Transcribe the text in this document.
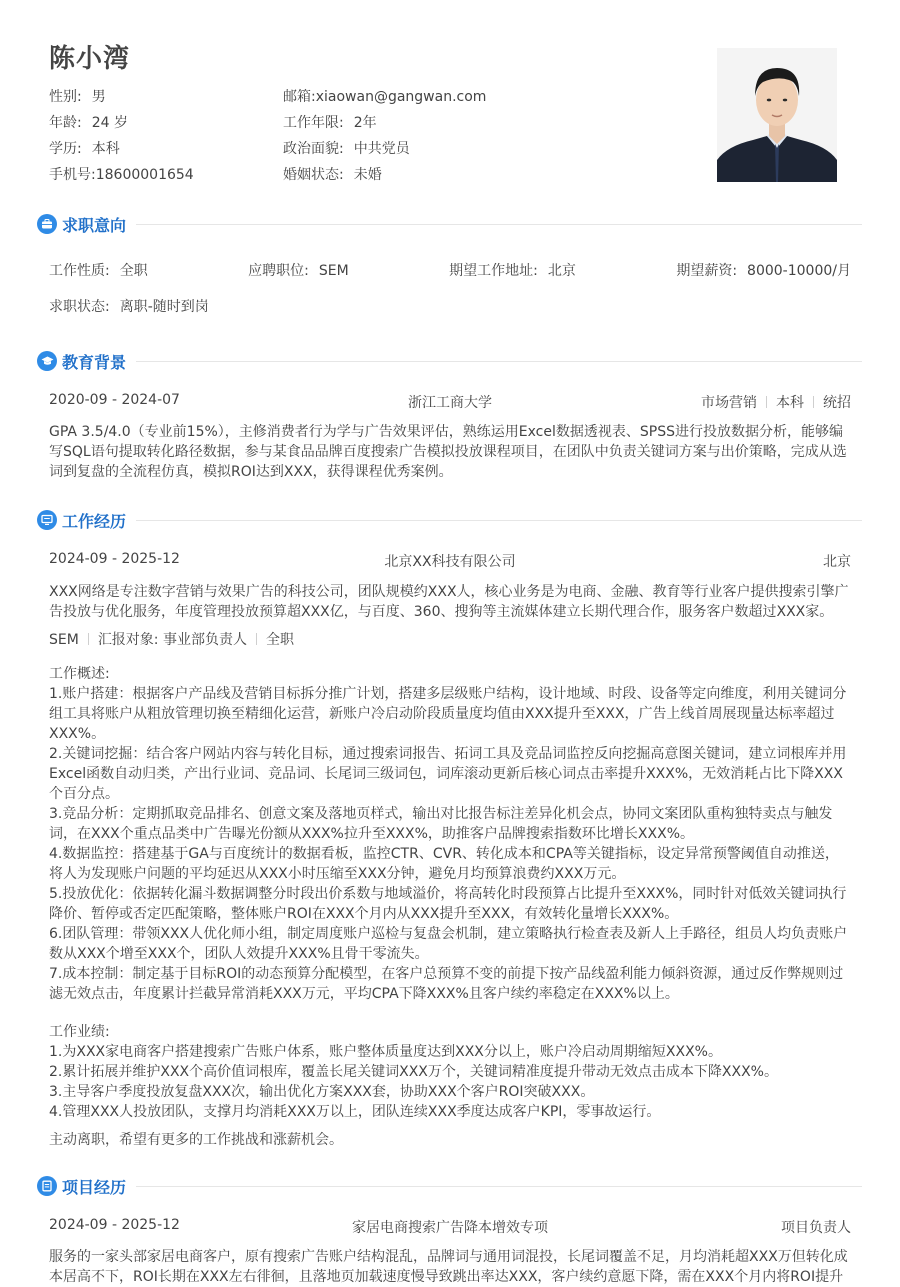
陈小湾
性别: 男	邮箱:xiaowan@gangwan.com
年龄: 24 岁	工作年限: 2年
学历: 本科	政治面貌: 中共党员
手机号:18600001654	婚姻状态: 未婚
求职意向
工作性质: 全职	应聘职位: SEM	期望工作地址: 北京	期望薪资: 8000-10000/月
求职状态: 离职-随时到岗
教育背景
2020-09 - 2024-07	浙江工商大学	市场营销 本科 统招
GPA 3.5/4.0（专业前15%），主修消费者行为学与广告效果评估，熟练运用Excel数据透视表、SPSS进行投放数据分析，能够编写SQL语句提取转化路径数据，参与某食品品牌百度搜索广告模拟投放课程项目，在团队中负责关键词方案与出价策略，完成从选词到复盘的全流程仿真，模拟ROI达到XXX，获得课程优秀案例。
工作经历
2024-09 - 2025-12	北京XX科技有限公司	北京
XXX网络是专注数字营销与效果广告的科技公司，团队规模约XXX人，核心业务是为电商、金融、教育等行业客户提供搜索引擎广告投放与优化服务，年度管理投放预算超XXX亿，与百度、360、搜狗等主流媒体建立长期代理合作，服务客户数超过XXX家。
SEM 汇报对象: 事业部负责人 全职
工作概述:
1.账户搭建：根据客户产品线及营销目标拆分推广计划，搭建多层级账户结构，设计地域、时段、设备等定向维度，利用关键词分组工具将账户从粗放管理切换至精细化运营，新账户冷启动阶段质量度均值由XXX提升至XXX，广告上线首周展现量达标率超过XXX%。
2.关键词挖掘：结合客户网站内容与转化目标，通过搜索词报告、拓词工具及竞品词监控反向挖掘高意图关键词，建立词根库并用Excel函数自动归类，产出行业词、竞品词、长尾词三级词包，词库滚动更新后核心词点击率提升XXX%，无效消耗占比下降XXX个百分点。
3.竞品分析：定期抓取竞品排名、创意文案及落地页样式，输出对比报告标注差异化机会点，协同文案团队重构独特卖点与触发词，在XXX个重点品类中广告曝光份额从XXX%拉升至XXX%，助推客户品牌搜索指数环比增长XXX%。
4.数据监控：搭建基于GA与百度统计的数据看板，监控CTR、CVR、转化成本和CPA等关键指标，设定异常预警阈值自动推送，将人为发现账户问题的平均延迟从XXX小时压缩至XXX分钟，避免月均预算浪费约XXX万元。
5.投放优化：依据转化漏斗数据调整分时段出价系数与地域溢价，将高转化时段预算占比提升至XXX%，同时针对低效关键词执行降价、暂停或否定匹配策略，整体账户ROI在XXX个月内从XXX提升至XXX，有效转化量增长XXX%。
6.团队管理：带领XXX人优化师小组，制定周度账户巡检与复盘会机制，建立策略执行检查表及新人上手路径，组员人均负责账户数从XXX个增至XXX个，团队人效提升XXX%且骨干零流失。
7.成本控制：制定基于目标ROI的动态预算分配模型，在客户总预算不变的前提下按产品线盈利能力倾斜资源，通过反作弊规则过滤无效点击，年度累计拦截异常消耗XXX万元，平均CPA下降XXX%且客户续约率稳定在XXX%以上。
工作业绩:
1.为XXX家电商客户搭建搜索广告账户体系，账户整体质量度达到XXX分以上，账户冷启动周期缩短XXX%。
2.累计拓展并维护XXX个高价值词根库，覆盖长尾关键词XXX万个，关键词精准度提升带动无效点击成本下降XXX%。
3.主导客户季度投放复盘XXX次，输出优化方案XXX套，协助XXX个客户ROI突破XXX。
4.管理XXX人投放团队，支撑月均消耗XXX万以上，团队连续XXX季度达成客户KPI，零事故运行。
主动离职，希望有更多的工作挑战和涨薪机会。
项目经历
2024-09 - 2025-12	家居电商搜索广告降本增效专项	项目负责人
服务的一家头部家居电商客户，原有搜索广告账户结构混乱，品牌词与通用词混投，长尾词覆盖不足，月均消耗超XXX万但转化成本居高不下，ROI长期在XXX左右徘徊，且落地页加载速度慢导致跳出率达XXX，客户续约意愿下降，需在XXX个月内将ROI提升
